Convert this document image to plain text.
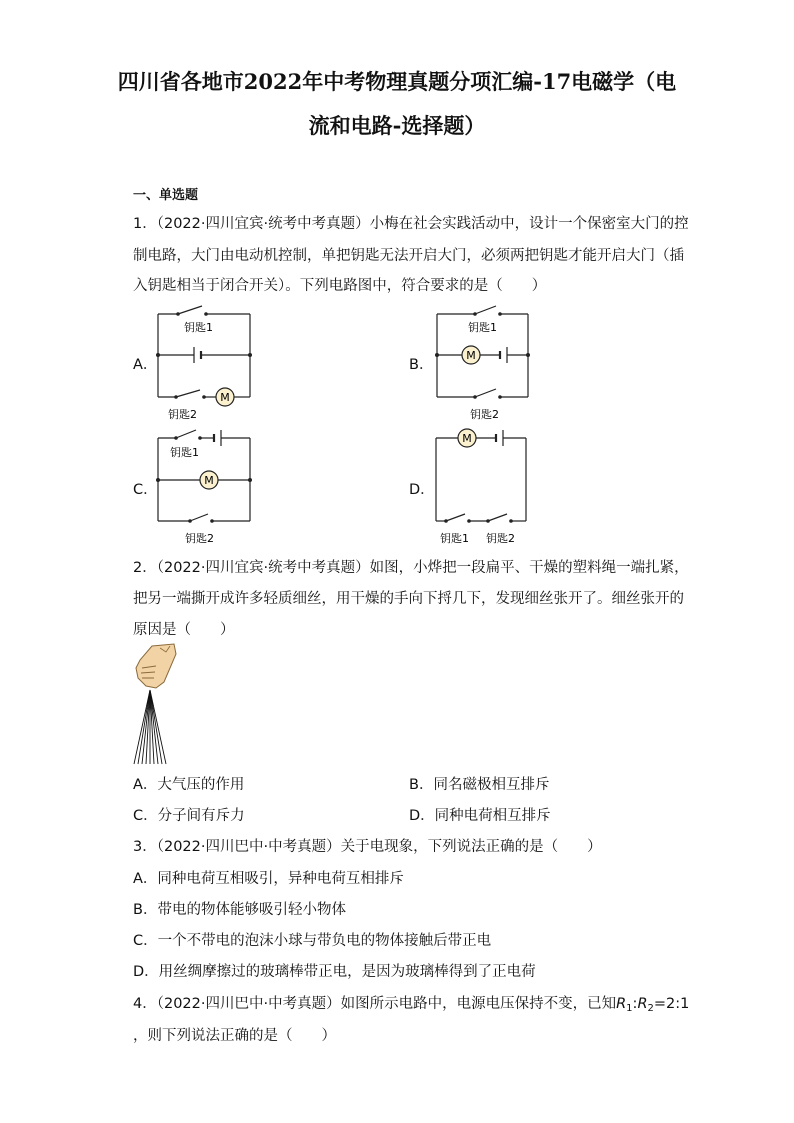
四川省各地市2022年中考物理真题分项汇编-17电磁学（电
流和电路-选择题）
一、单选题
1．（2022·四川宜宾·统考中考真题）小梅在社会实践活动中，设计一个保密室大门的控
制电路，大门由电动机控制，单把钥匙无法开启大门，必须两把钥匙才能开启大门（插
入钥匙相当于闭合开关）。下列电路图中，符合要求的是（　　）
A．	B．
C．	D．
M
钥匙1
钥匙2
M
钥匙1
钥匙2
M
钥匙1
钥匙2
M
钥匙1 钥匙2
2．（2022·四川宜宾·统考中考真题）如图，小烨把一段扁平、干燥的塑料绳一端扎紧，
把另一端撕开成许多轻质细丝，用干燥的手向下捋几下，发现细丝张开了。细丝张开的
原因是（　　）
A．大气压的作用	B．同名磁极相互排斥
C．分子间有斥力	D．同种电荷相互排斥
3．（2022·四川巴中·中考真题）关于电现象，下列说法正确的是（　　）
A．同种电荷互相吸引，异种电荷互相排斥
B．带电的物体能够吸引轻小物体
C．一个不带电的泡沫小球与带负电的物体接触后带正电
D．用丝绸摩擦过的玻璃棒带正电，是因为玻璃棒得到了正电荷
4．（2022·四川巴中·中考真题）如图所示电路中，电源电压保持不变，已知$R_1:R_2=2:1$
，则下列说法正确的是（　　）
